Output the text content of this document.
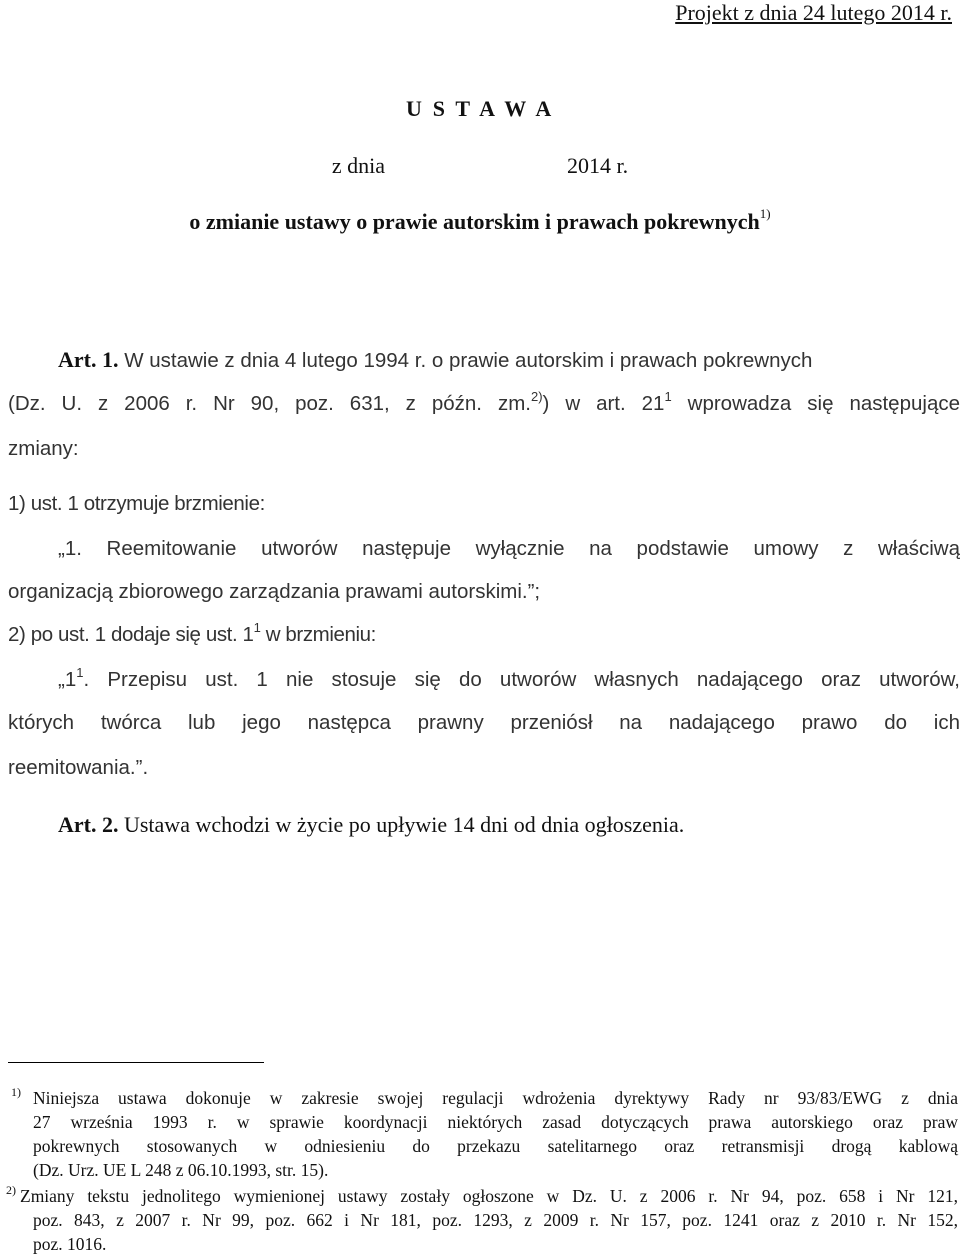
Projekt z dnia 24 lutego 2014 r.
U S T A W A
z dnia	2014 r.
o zmianie ustawy o prawie autorskim i prawach pokrewnych$^{1)}$
Art. 1. W ustawie z dnia 4 lutego 1994 r. o prawie autorskim i prawach pokrewnych
(Dz. U. z 2006 r. Nr 90, poz. 631, z późn. zm.$^{2)}$) w art. $21^1$ wprowadza się następujące
zmiany:
1) ust. 1 otrzymuje brzmienie:
„1. Reemitowanie utworów następuje wyłącznie na podstawie umowy z właściwą
organizacją zbiorowego zarządzania prawami autorskimi.”;
2) po ust. 1 dodaje się ust. $1^1$ w brzmieniu:
$„1^1$. Przepisu ust. 1 nie stosuje się do utworów własnych nadającego oraz utworów,
których twórca lub jego następca prawny przeniósł na nadającego prawo do ich
reemitowania.”.
Art. 2. Ustawa wchodzi w życie po upływie 14 dni od dnia ogłoszenia.
1) Niniejsza ustawa dokonuje w zakresie swojej regulacji wdrożenia dyrektywy Rady nr 93/83/EWG z dnia
27 września 1993 r. w sprawie koordynacji niektórych zasad dotyczących prawa autorskiego oraz praw
pokrewnych stosowanych w odniesieniu do przekazu satelitarnego oraz retransmisji drogą kablową
(Dz. Urz. UE L 248 z 06.10.1993, str. 15).
2) Zmiany tekstu jednolitego wymienionej ustawy zostały ogłoszone w Dz. U. z 2006 r. Nr 94, poz. 658 i Nr 121,
poz. 843, z 2007 r. Nr 99, poz. 662 i Nr 181, poz. 1293, z 2009 r. Nr 157, poz. 1241 oraz z 2010 r. Nr 152,
poz. 1016.
